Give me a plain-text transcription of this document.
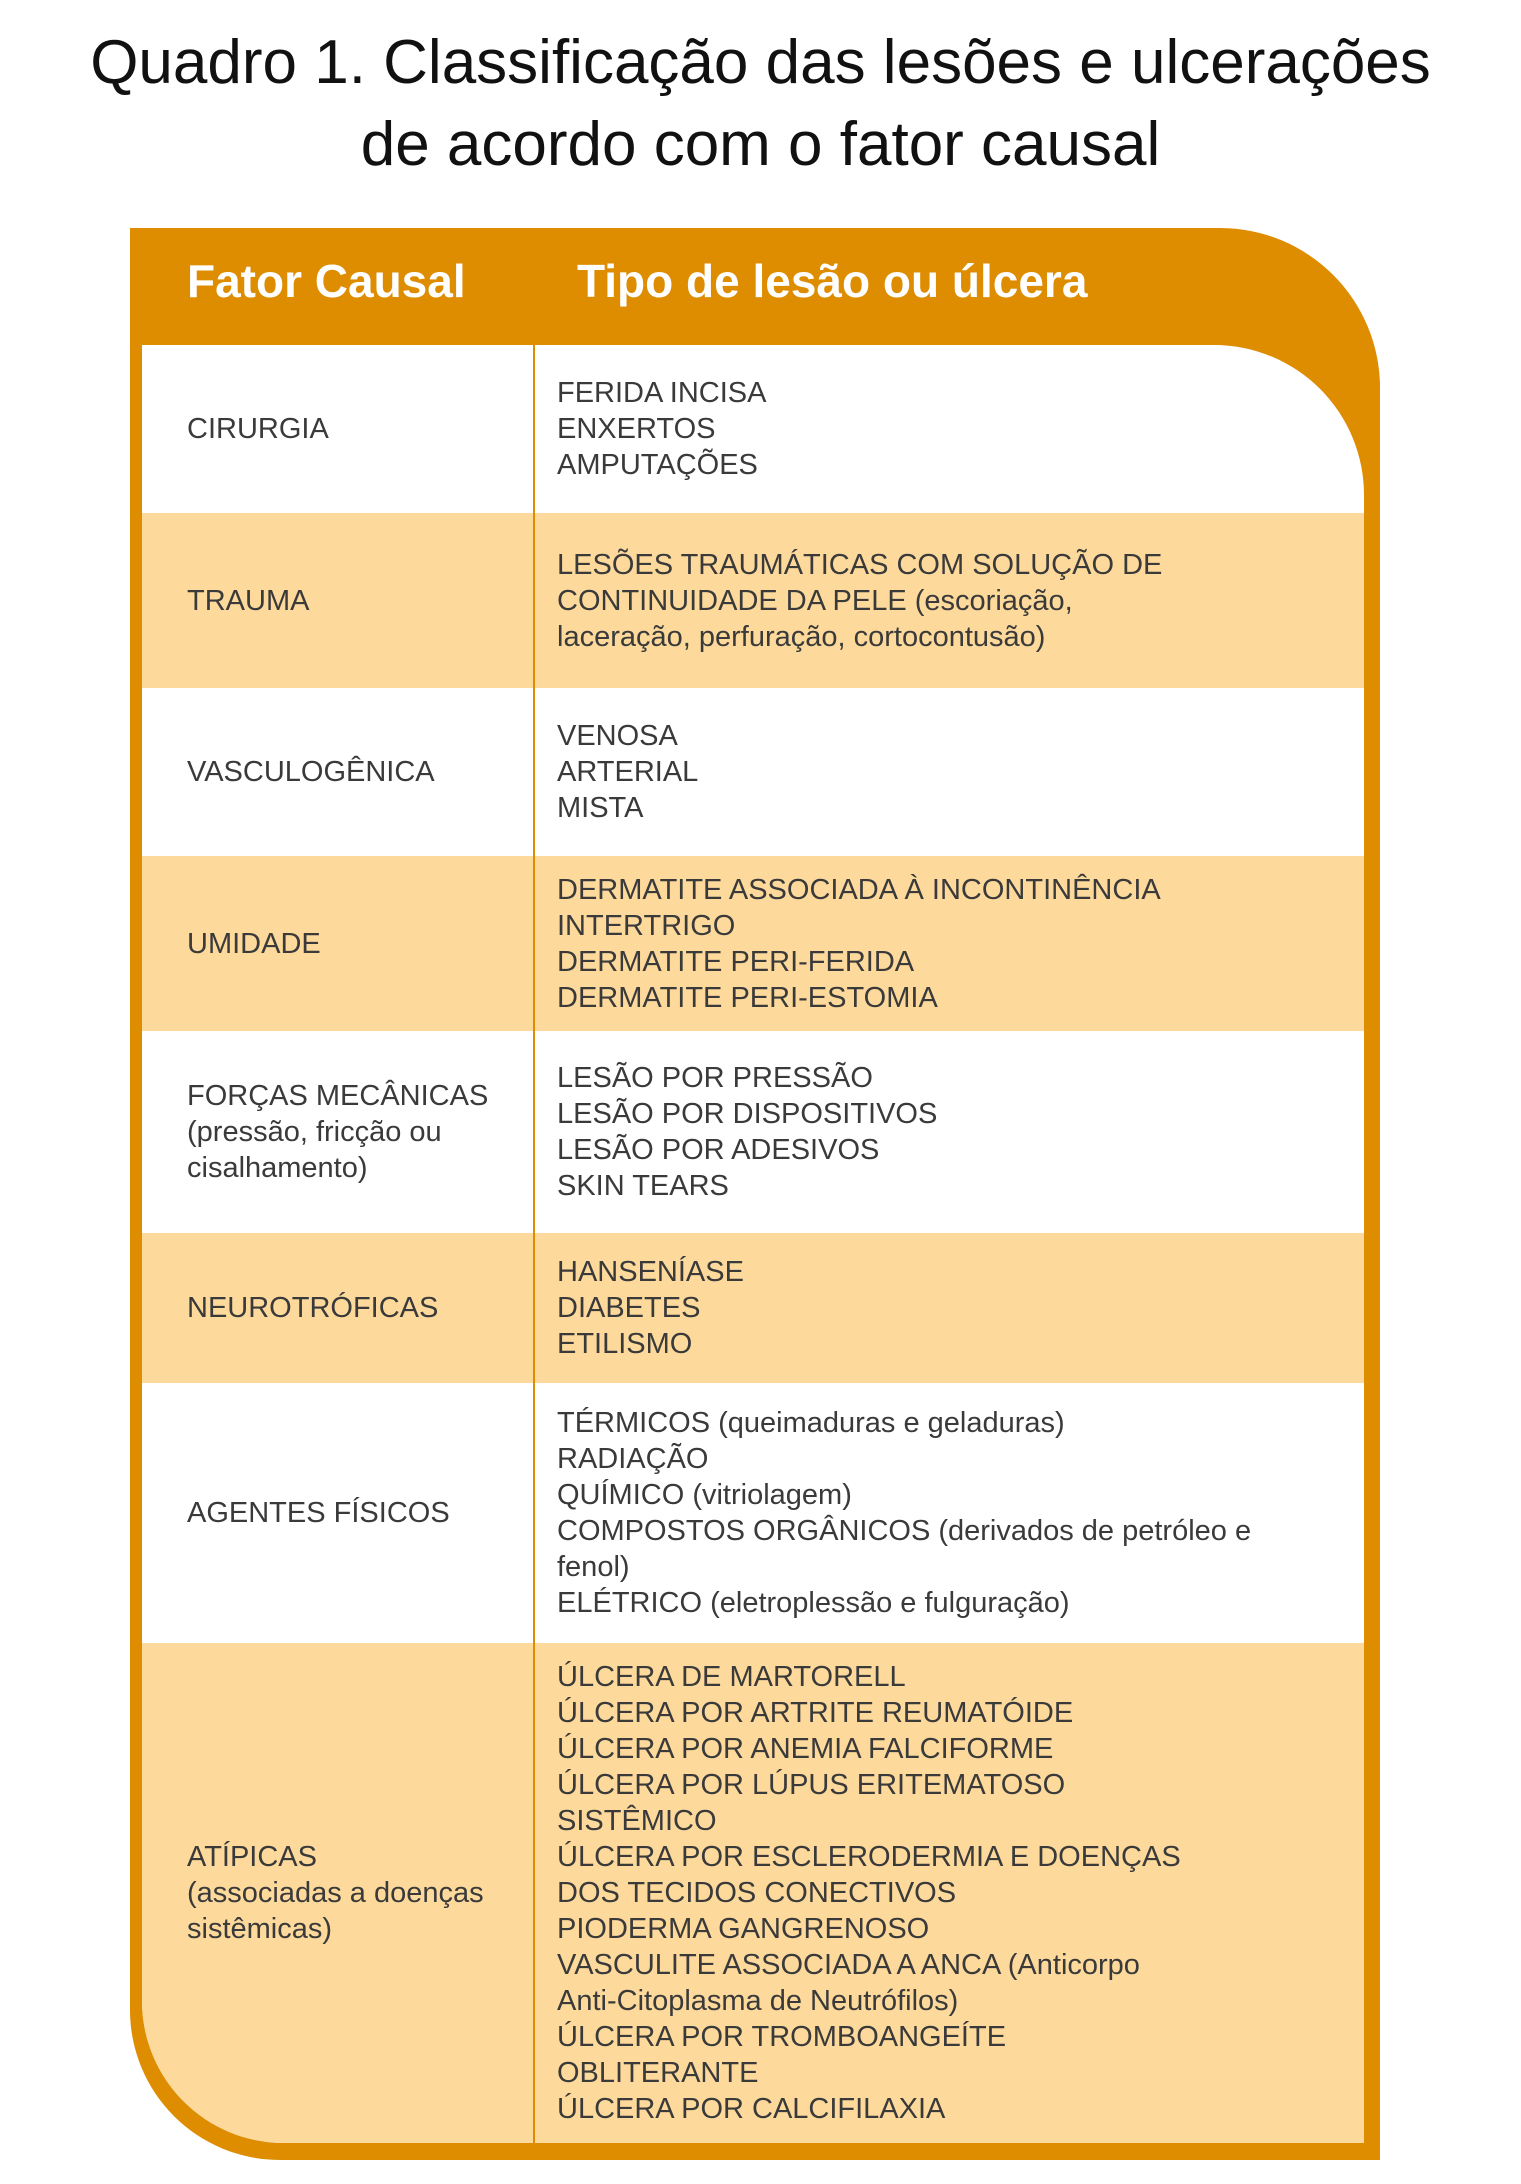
Quadro 1. Classificação das lesões e ulcerações
de acordo com o fator causal
Fator Causal Tipo de lesão ou úlcera
CIRURGIA
FERIDA INCISA
ENXERTOS
AMPUTAÇÕES
TRAUMA
LESÕES TRAUMÁTICAS COM SOLUÇÃO DE
CONTINUIDADE DA PELE (escoriação,
laceração, perfuração, cortocontusão)
VASCULOGÊNICA
VENOSA
ARTERIAL
MISTA
UMIDADE
DERMATITE ASSOCIADA À INCONTINÊNCIA
INTERTRIGO
DERMATITE PERI-FERIDA
DERMATITE PERI-ESTOMIA
FORÇAS MECÂNICAS
(pressão, fricção ou cisalhamento)
LESÃO POR PRESSÃO
LESÃO POR DISPOSITIVOS
LESÃO POR ADESIVOS
SKIN TEARS
NEUROTRÓFICAS
HANSENÍASE
DIABETES
ETILISMO
AGENTES FÍSICOS
TÉRMICOS (queimaduras e geladuras)
RADIAÇÃO
QUÍMICO (vitriolagem)
COMPOSTOS ORGÂNICOS (derivados de petróleo e
fenol)
ELÉTRICO (eletroplessão e fulguração)
ATÍPICAS
(associadas a doenças sistêmicas)
ÚLCERA DE MARTORELL
ÚLCERA POR ARTRITE REUMATÓIDE
ÚLCERA POR ANEMIA FALCIFORME
ÚLCERA POR LÚPUS ERITEMATOSO
SISTÊMICO
ÚLCERA POR ESCLERODERMIA E DOENÇAS
DOS TECIDOS CONECTIVOS
PIODERMA GANGRENOSO
VASCULITE ASSOCIADA A ANCA (Anticorpo
Anti-Citoplasma de Neutrófilos)
ÚLCERA POR TROMBOANGEÍTE
OBLITERANTE
ÚLCERA POR CALCIFILAXIA
